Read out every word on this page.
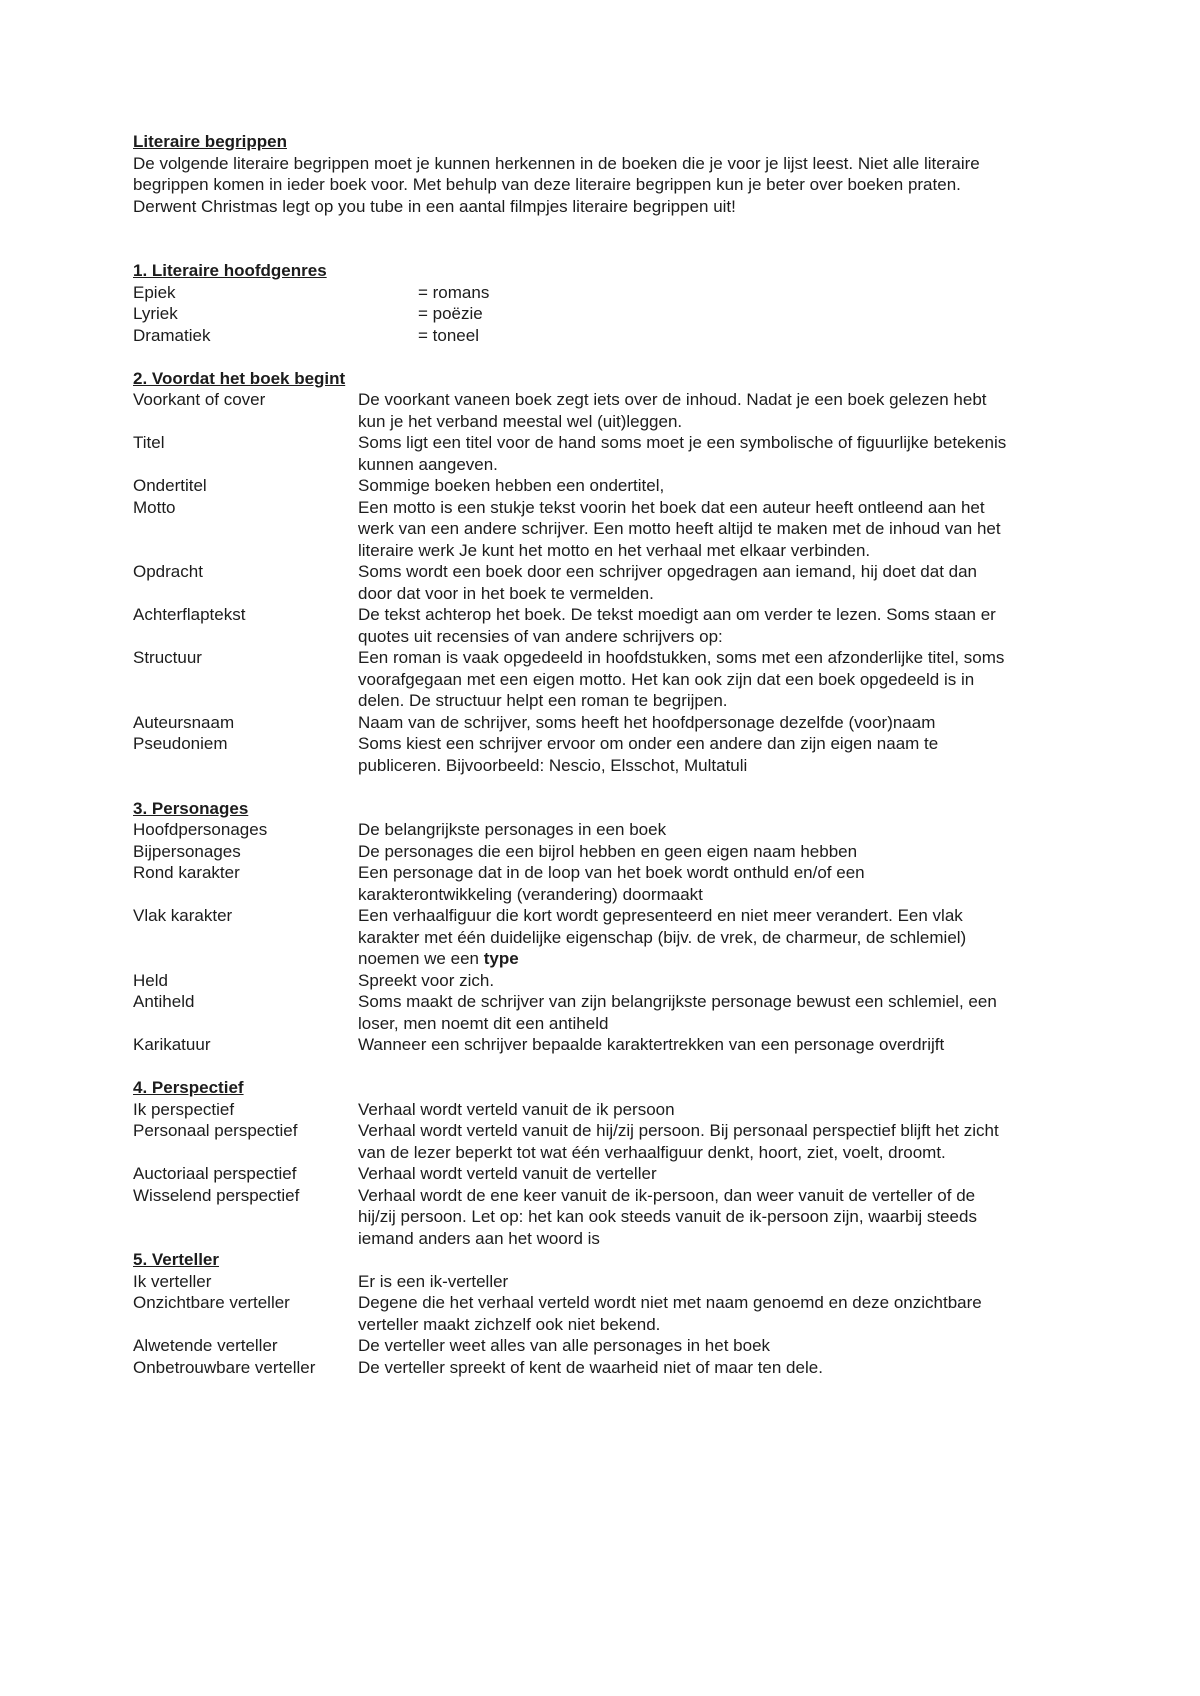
Literaire begrippen

De volgende literaire begrippen moet je kunnen herkennen in de boeken die je voor je lijst leest. Niet alle literaire begrippen komen in ieder boek voor. Met behulp van deze literaire begrippen kun je beter over boeken praten. Derwent Christmas legt op you tube in een aantal filmpjes literaire begrippen uit!

1. Literaire hoofdgenres

Epiek	= romans
Lyriek	= poëzie
Dramatiek	= toneel

2. Voordat het boek begint

Voorkant of cover	De voorkant vaneen boek zegt iets over de inhoud. Nadat je een boek gelezen hebt kun je het verband meestal wel (uit)leggen.
Titel	Soms ligt een titel voor de hand soms moet je een symbolische of figuurlijke betekenis kunnen aangeven.
Ondertitel	Sommige boeken hebben een ondertitel,
Motto	Een motto is een stukje tekst voorin het boek dat een auteur heeft ontleend aan het werk van een andere schrijver. Een motto heeft altijd te maken met de inhoud van het literaire werk Je kunt het motto en het verhaal met elkaar verbinden.
Opdracht	Soms wordt een boek door een schrijver opgedragen aan iemand, hij doet dat dan door dat voor in het boek te vermelden.
Achterflaptekst	De tekst achterop het boek. De tekst moedigt aan om verder te lezen. Soms staan er quotes uit recensies of van andere schrijvers op:
Structuur	Een roman is vaak opgedeeld in hoofdstukken, soms met een afzonderlijke titel, soms voorafgegaan met een eigen motto. Het kan ook zijn dat een boek opgedeeld is in delen. De structuur helpt een roman te begrijpen.
Auteursnaam	Naam van de schrijver, soms heeft het hoofdpersonage dezelfde (voor)naam
Pseudoniem	Soms kiest een schrijver ervoor om onder een andere dan zijn eigen naam te publiceren. Bijvoorbeeld: Nescio, Elsschot, Multatuli

3. Personages

Hoofdpersonages	De belangrijkste personages in een boek
Bijpersonages	De personages die een bijrol hebben en geen eigen naam hebben
Rond karakter	Een personage dat in de loop van het boek wordt onthuld en/of een karakterontwikkeling (verandering) doormaakt
Vlak karakter	Een verhaalfiguur die kort wordt gepresenteerd en niet meer verandert. Een vlak karakter met één duidelijke eigenschap (bijv. de vrek, de charmeur, de schlemiel) noemen we een type
Held	Spreekt voor zich.
Antiheld	Soms maakt de schrijver van zijn belangrijkste personage bewust een schlemiel, een loser, men noemt dit een antiheld
Karikatuur	Wanneer een schrijver bepaalde karaktertrekken van een personage overdrijft

4. Perspectief

Ik perspectief	Verhaal wordt verteld vanuit de ik persoon
Personaal perspectief	Verhaal wordt verteld vanuit de hij/zij persoon. Bij personaal perspectief blijft het zicht van de lezer beperkt tot wat één verhaalfiguur denkt, hoort, ziet, voelt, droomt.
Auctoriaal perspectief	Verhaal wordt verteld vanuit de verteller
Wisselend perspectief	Verhaal wordt de ene keer vanuit de ik-persoon, dan weer vanuit de verteller of de hij/zij persoon. Let op: het kan ook steeds vanuit de ik-persoon zijn, waarbij steeds iemand anders aan het woord is

5. Verteller

Ik verteller	Er is een ik-verteller
Onzichtbare verteller	Degene die het verhaal verteld wordt niet met naam genoemd en deze onzichtbare verteller maakt zichzelf ook niet bekend.
Alwetende verteller	De verteller weet alles van alle personages in het boek
Onbetrouwbare verteller	De verteller spreekt of kent de waarheid niet of maar ten dele.
